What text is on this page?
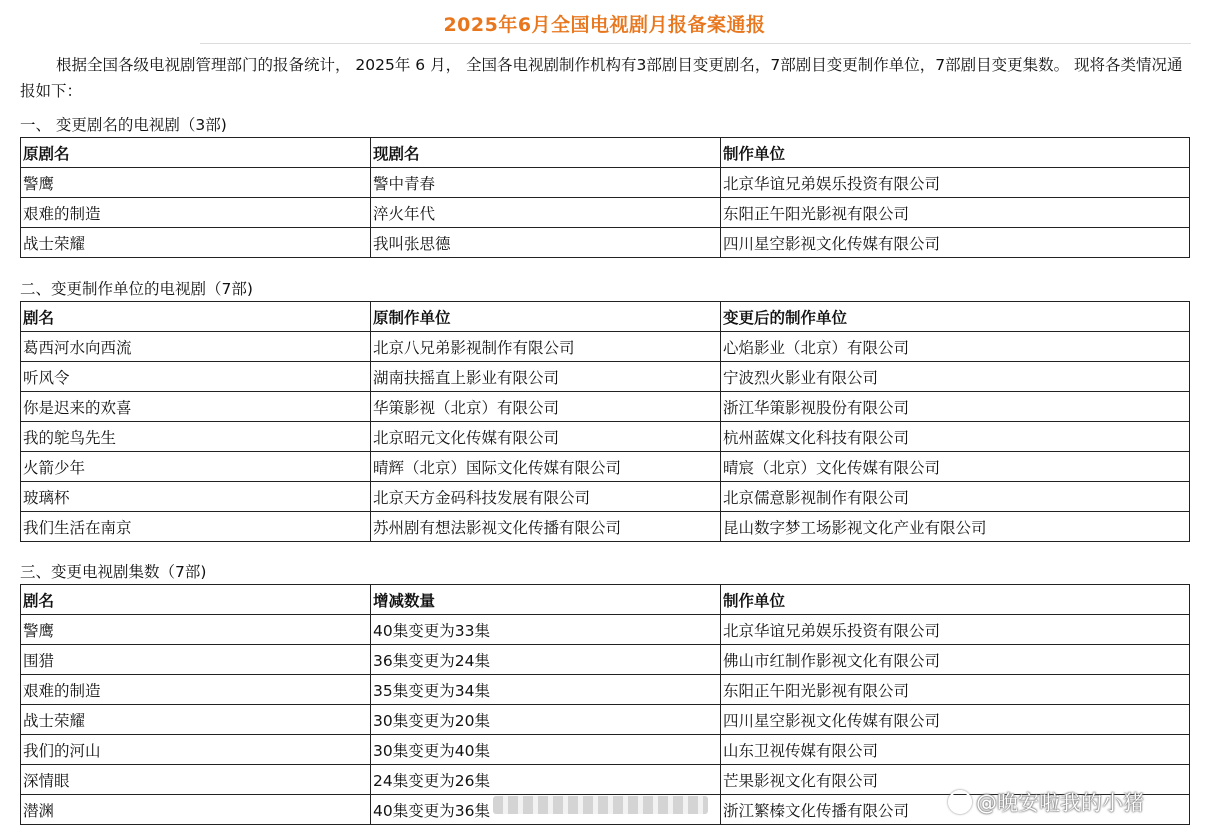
2025年6月全国电视剧月报备案通报

根据全国各级电视剧管理部门的报备统计， 2025年 6 月， 全国各电视剧制作机构有3部剧目变更剧名，7部剧目变更制作单位，7部剧目变更集数。 现将各类情况通报如下：

一、 变更剧名的电视剧（3部)

原剧名	现剧名	制作单位
警鹰	警中青春	北京华谊兄弟娱乐投资有限公司
艰难的制造	淬火年代	东阳正午阳光影视有限公司
战士荣耀	我叫张思德	四川星空影视文化传媒有限公司

二、变更制作单位的电视剧（7部)

剧名	原制作单位	变更后的制作单位
葛西河水向西流	北京八兄弟影视制作有限公司	心焰影业（北京）有限公司
听风令	湖南扶摇直上影业有限公司	宁波烈火影业有限公司
你是迟来的欢喜	华策影视（北京）有限公司	浙江华策影视股份有限公司
我的鸵鸟先生	北京昭元文化传媒有限公司	杭州蓝媒文化科技有限公司
火箭少年	晴辉（北京）国际文化传媒有限公司	晴宸（北京）文化传媒有限公司
玻璃杯	北京天方金码科技发展有限公司	北京儒意影视制作有限公司
我们生活在南京	苏州剧有想法影视文化传播有限公司	昆山数字梦工场影视文化产业有限公司

三、变更电视剧集数（7部)

剧名	增减数量	制作单位
警鹰	40集变更为33集	北京华谊兄弟娱乐投资有限公司
围猎	36集变更为24集	佛山市红制作影视文化有限公司
艰难的制造	35集变更为34集	东阳正午阳光影视有限公司
战士荣耀	30集变更为20集	四川星空影视文化传媒有限公司
我们的河山	30集变更为40集	山东卫视传媒有限公司
深情眼	24集变更为26集	芒果影视文化有限公司
潜渊	40集变更为36集	浙江繁榛文化传播有限公司	@晚安啦我的小猪
